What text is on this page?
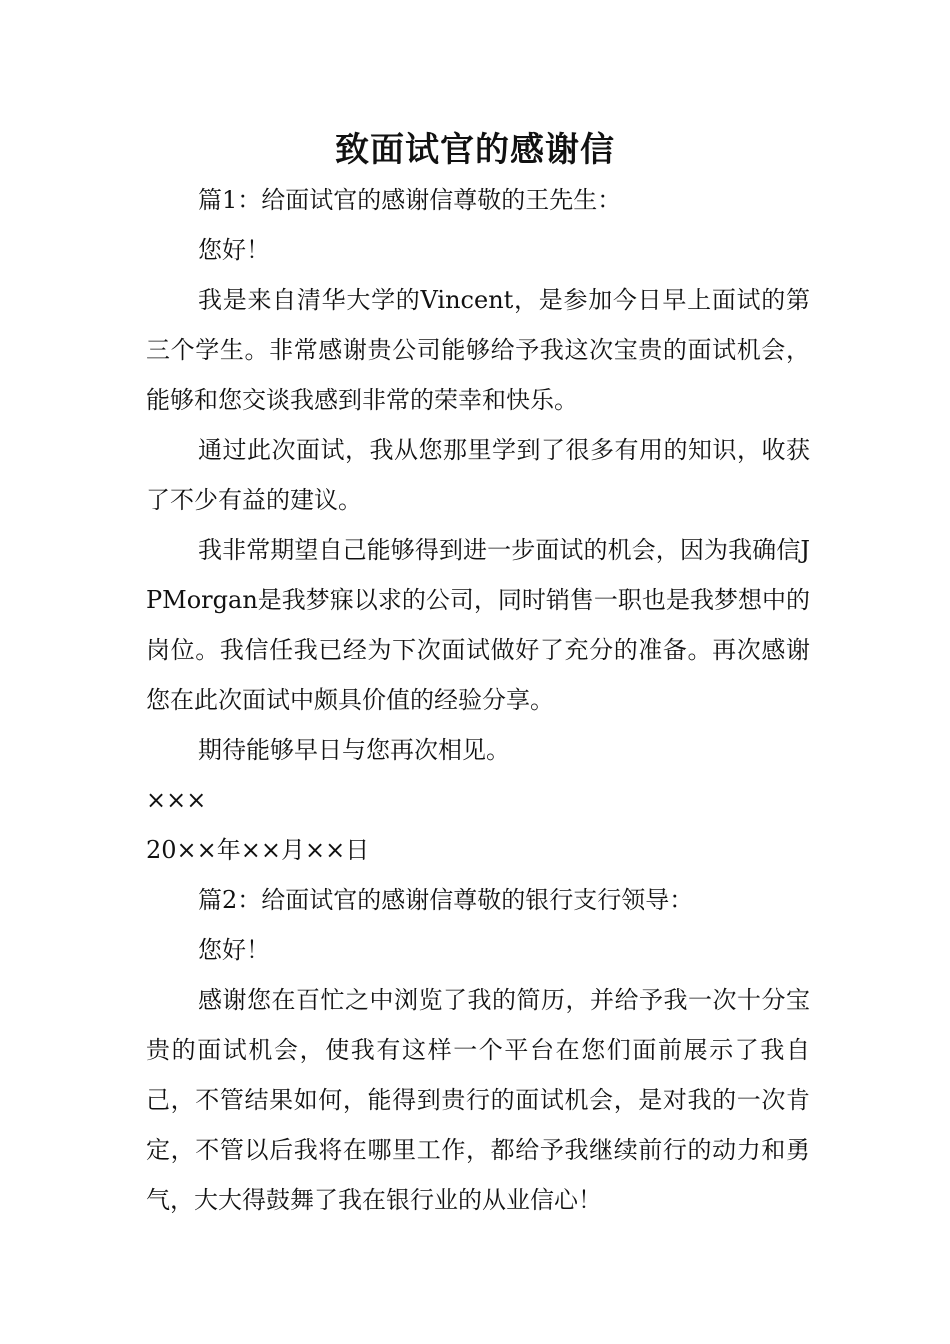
致面试官的感谢信

篇1：给面试官的感谢信尊敬的王先生：

您好！

我是来自清华大学的Vincent，是参加今日早上面试的第三个学生。非常感谢贵公司能够给予我这次宝贵的面试机会，能够和您交谈我感到非常的荣幸和快乐。

通过此次面试，我从您那里学到了很多有用的知识，收获了不少有益的建议。

我非常期望自己能够得到进一步面试的机会，因为我确信JPMorgan是我梦寐以求的公司，同时销售一职也是我梦想中的岗位。我信任我已经为下次面试做好了充分的准备。再次感谢您在此次面试中颇具价值的经验分享。

期待能够早日与您再次相见。

×××

20××年××月××日

篇2：给面试官的感谢信尊敬的银行支行领导：

您好！

感谢您在百忙之中浏览了我的简历，并给予我一次十分宝贵的面试机会，使我有这样一个平台在您们面前展示了我自己，不管结果如何，能得到贵行的面试机会，是对我的一次肯定，不管以后我将在哪里工作，都给予我继续前行的动力和勇气，大大得鼓舞了我在银行业的从业信心！
